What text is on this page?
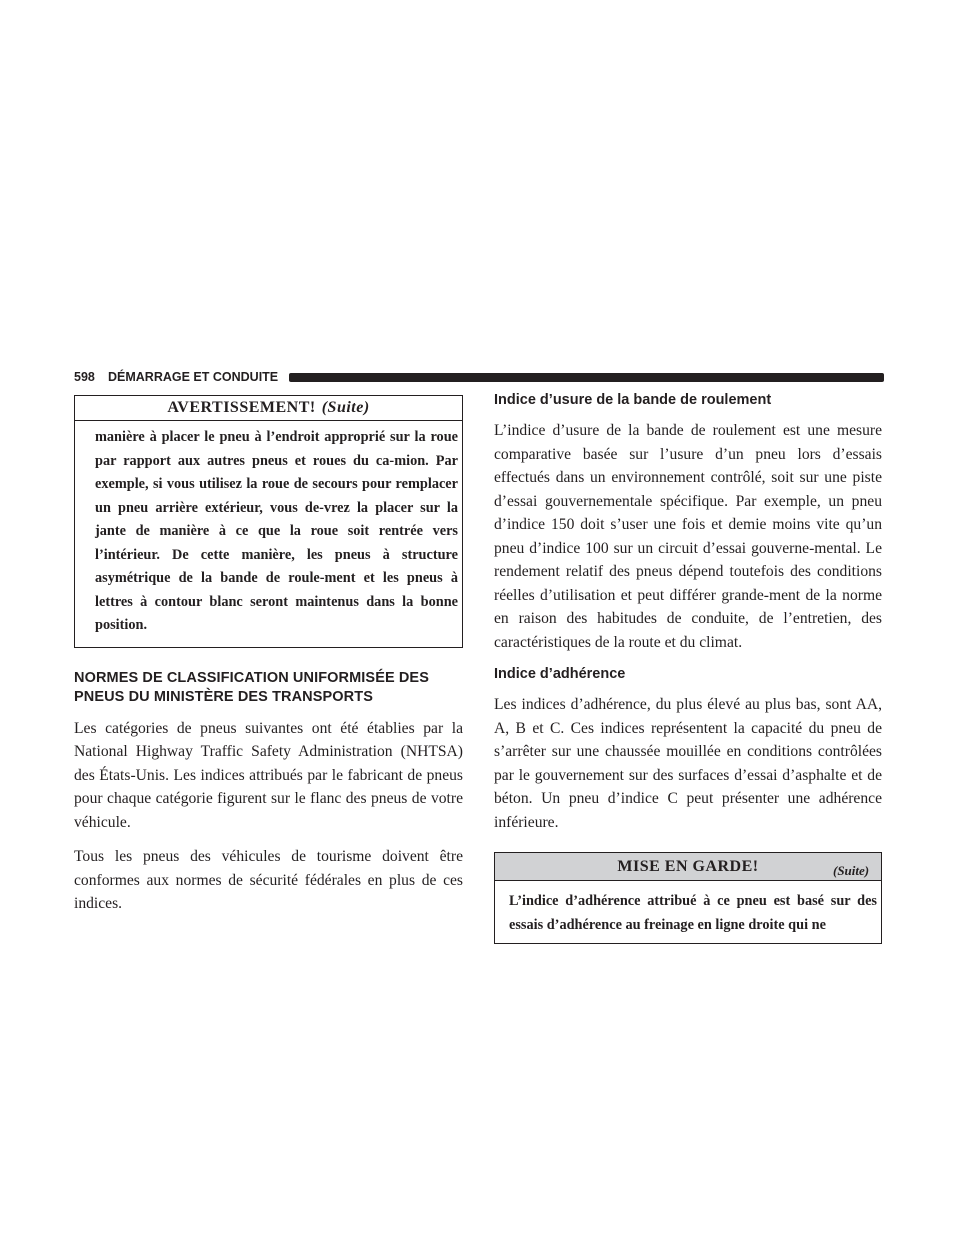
598 DÉMARRAGE ET CONDUITE
AVERTISSEMENT! (Suite)
manière à placer le pneu à l’endroit approprié sur la roue par rapport aux autres pneus et roues du ca-mion. Par exemple, si vous utilisez la roue de secours pour remplacer un pneu arrière extérieur, vous de-vrez la placer sur la jante de manière à ce que la roue soit rentrée vers l’intérieur. De cette manière, les pneus à structure asymétrique de la bande de roule-ment et les pneus à lettres à contour blanc seront maintenus dans la bonne position.
NORMES DE CLASSIFICATION UNIFORMISÉE DES PNEUS DU MINISTÈRE DES TRANSPORTS

Les catégories de pneus suivantes ont été établies par la National Highway Traffic Safety Administration (NHTSA) des États-Unis. Les indices attribués par le fabricant de pneus pour chaque catégorie figurent sur le flanc des pneus de votre véhicule.

Tous les pneus des véhicules de tourisme doivent être conformes aux normes de sécurité fédérales en plus de ces indices.

Indice d’usure de la bande de roulement

L’indice d’usure de la bande de roulement est une mesure comparative basée sur l’usure d’un pneu lors d’essais effectués dans un environnement contrôlé, soit sur une piste d’essai gouvernementale spécifique. Par exemple, un pneu d’indice 150 doit s’user une fois et demie moins vite qu’un pneu d’indice 100 sur un circuit d’essai gouverne-mental. Le rendement relatif des pneus dépend toutefois des conditions réelles d’utilisation et peut différer grande-ment de la norme en raison des habitudes de conduite, de l’entretien, des caractéristiques de la route et du climat.

Indice d’adhérence

Les indices d’adhérence, du plus élevé au plus bas, sont AA, A, B et C. Ces indices représentent la capacité du pneu de s’arrêter sur une chaussée mouillée en conditions contrôlées par le gouvernement sur des surfaces d’essai d’asphalte et de béton. Un pneu d’indice C peut présenter une adhérence inférieure.

MISE EN GARDE!
L’indice d’adhérence attribué à ce pneu est basé sur des essais d’adhérence au freinage en ligne droite qui ne
(Suite)
